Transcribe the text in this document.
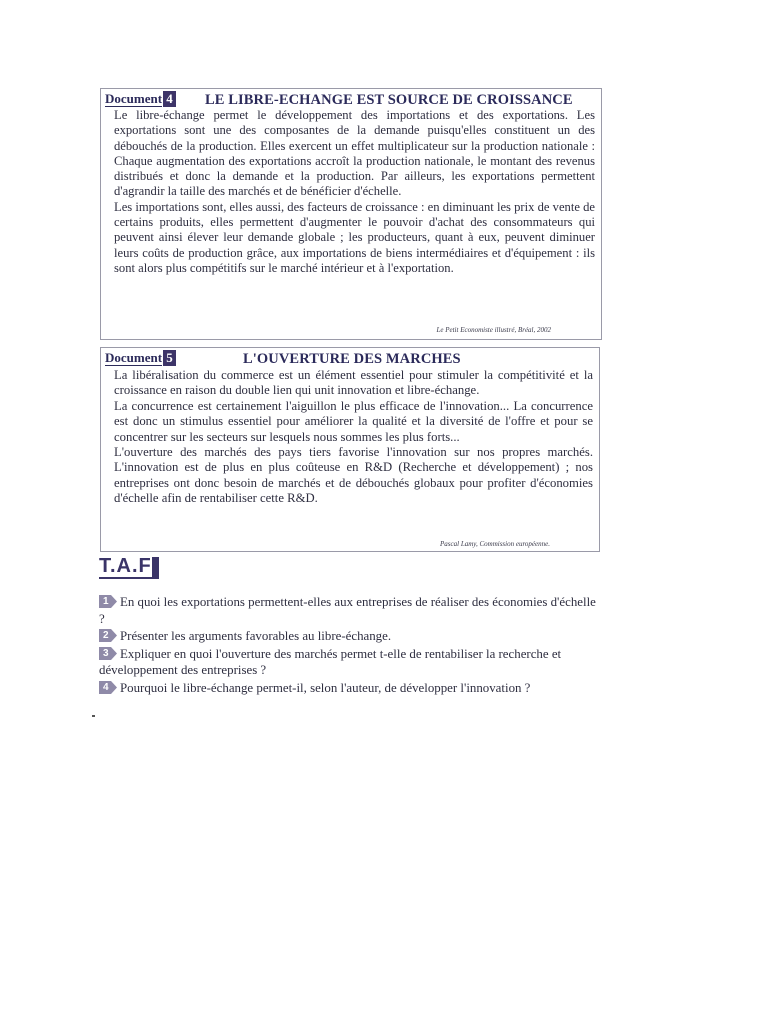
Document 4 LE LIBRE-ECHANGE EST SOURCE DE CROISSANCE

Le libre-échange permet le développement des importations et des exportations. Les exportations sont une des composantes de la demande puisqu'elles constituent un des débouchés de la production. Elles exercent un effet multiplicateur sur la production nationale : Chaque augmentation des exportations accroît la production nationale, le montant des revenus distribués et donc la demande et la production. Par ailleurs, les exportations permettent d'agrandir la taille des marchés et de bénéficier d'échelle.

Les importations sont, elles aussi, des facteurs de croissance : en diminuant les prix de vente de certains produits, elles permettent d'augmenter le pouvoir d'achat des consommateurs qui peuvent ainsi élever leur demande globale ; les producteurs, quant à eux, peuvent diminuer leurs coûts de production grâce, aux importations de biens intermédiaires et d'équipement : ils sont alors plus compétitifs sur le marché intérieur et à l'exportation.

Le Petit Economiste illustré, Bréal, 2002
Document 5	L'OUVERTURE DES MARCHES

La libéralisation du commerce est un élément essentiel pour stimuler la compétitivité et la croissance en raison du double lien qui unit innovation et libre-échange.

La concurrence est certainement l'aiguillon le plus efficace de l'innovation... La concurrence est donc un stimulus essentiel pour améliorer la qualité et la diversité de l'offre et pour se concentrer sur les secteurs sur lesquels nous sommes les plus forts...

L'ouverture des marchés des pays tiers favorise l'innovation sur nos propres marchés. L'innovation est de plus en plus coûteuse en R&D (Recherche et développement) ; nos entreprises ont donc besoin de marchés et de débouchés globaux pour profiter d'économies d'échelle afin de rentabiliser cette R&D.

Pascal Lamy, Commission européenne.
T.A.F

1 En quoi les exportations permettent-elles aux entreprises de réaliser des économies d'échelle ?

2 Présenter les arguments favorables au libre-échange.

3 Expliquer en quoi l'ouverture des marchés permet t-elle de rentabiliser la recherche et développement des entreprises ?

4 Pourquoi le libre-échange permet-il, selon l'auteur, de développer l'innovation ?
